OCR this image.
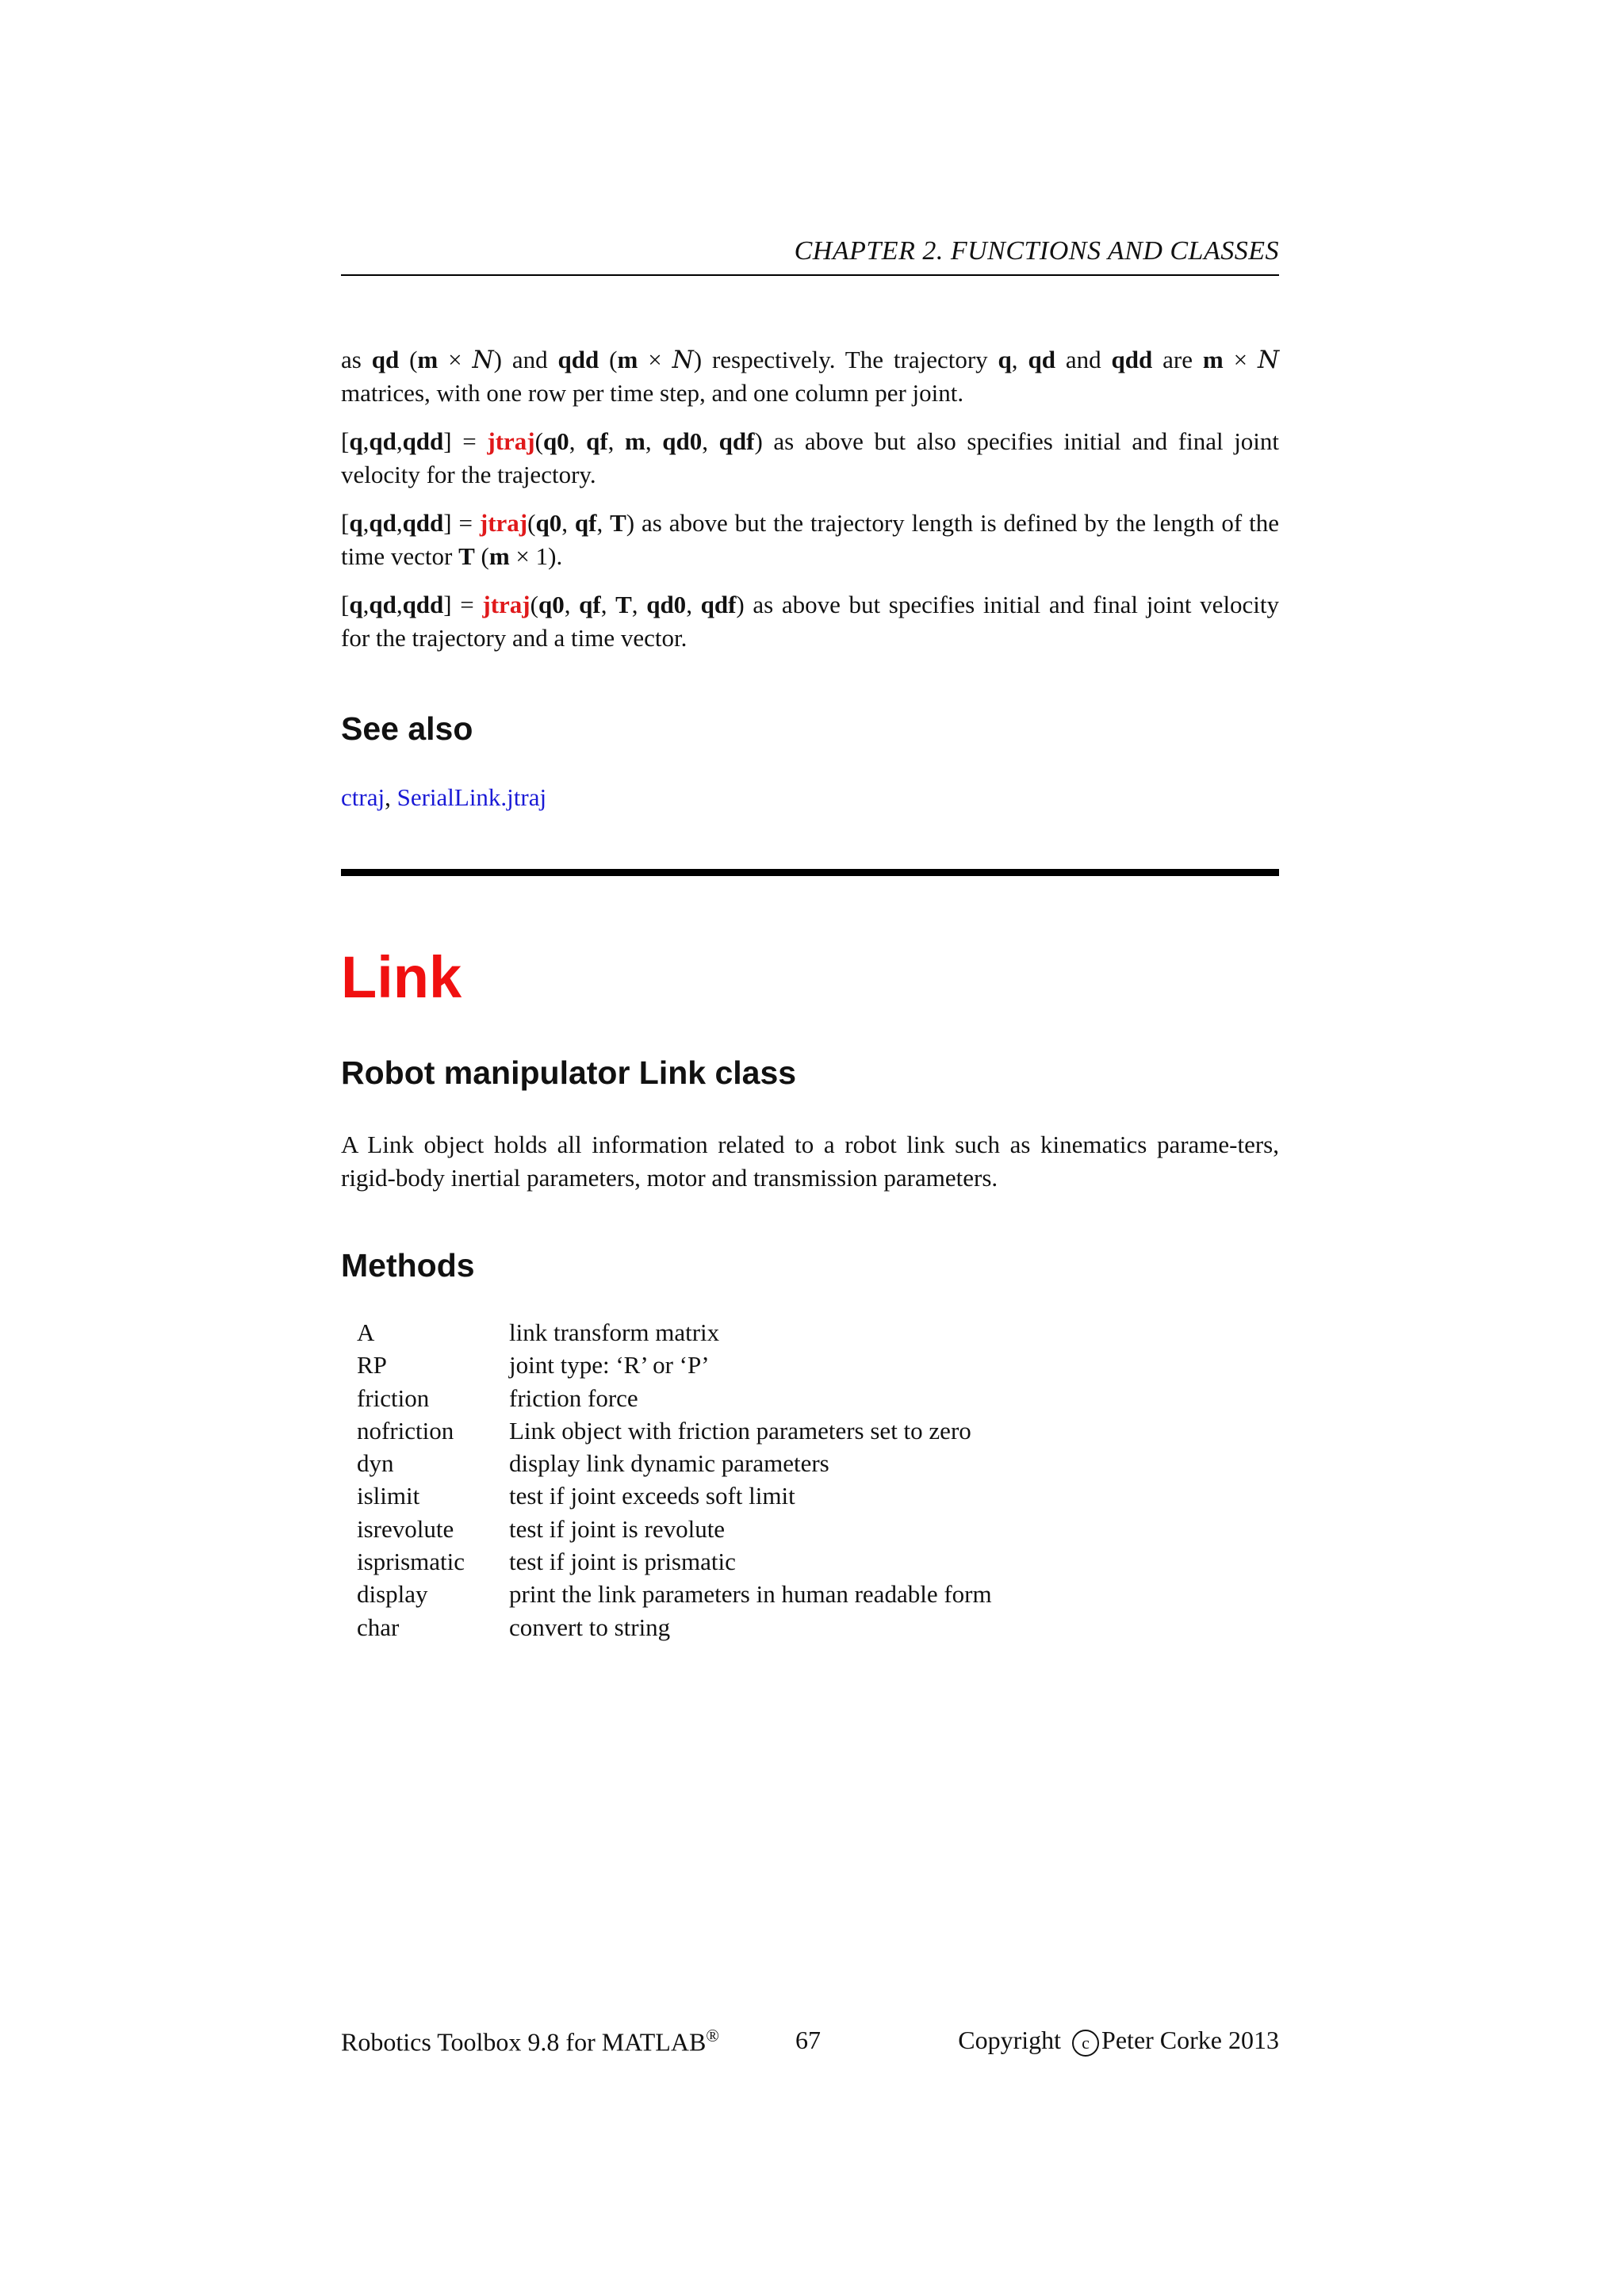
CHAPTER 2. FUNCTIONS AND CLASSES
as qd (m × N) and qdd (m × N) respectively. The trajectory q, qd and qdd are m × N matrices, with one row per time step, and one column per joint.
[q,qd,qdd] = jtraj(q0, qf, m, qd0, qdf) as above but also specifies initial and final joint velocity for the trajectory.
[q,qd,qdd] = jtraj(q0, qf, T) as above but the trajectory length is defined by the length of the time vector T (m × 1).
[q,qd,qdd] = jtraj(q0, qf, T, qd0, qdf) as above but specifies initial and final joint velocity for the trajectory and a time vector.
See also
ctraj, SerialLink.jtraj
Link
Robot manipulator Link class
A Link object holds all information related to a robot link such as kinematics parame-ters, rigid-body inertial parameters, motor and transmission parameters.
Methods
A	link transform matrix
RP	joint type: ‘R’ or ‘P’
friction	friction force
nofriction	Link object with friction parameters set to zero
dyn	display link dynamic parameters
islimit	test if joint exceeds soft limit
isrevolute	test if joint is revolute
isprismatic	test if joint is prismatic
display	print the link parameters in human readable form
char	convert to string
Robotics Toolbox 9.8 for MATLAB®	67	Copyright c Peter Corke 2013
